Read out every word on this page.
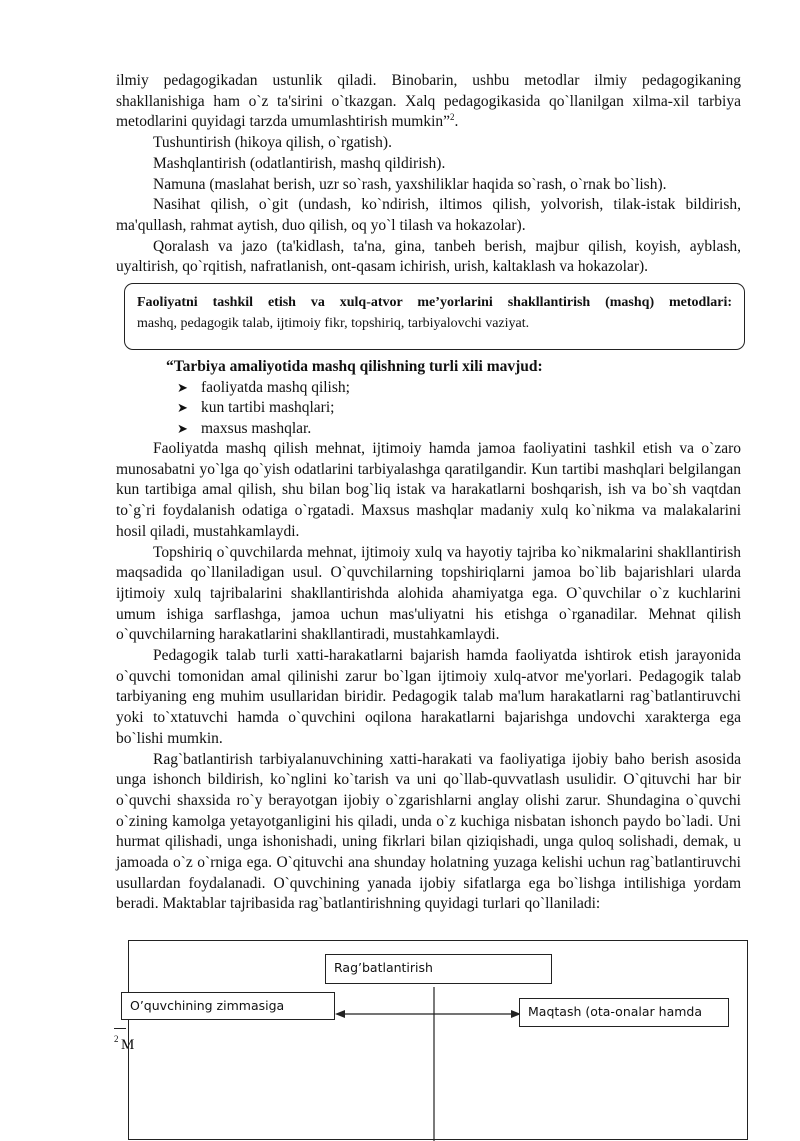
ilmiy pedagogikadan ustunlik qiladi. Binobarin, ushbu metodlar ilmiy pedagogikaning shakllanishiga ham o`z ta'sirini o`tkazgan. Xalq pedagogikasida qo`llanilgan xilma-xil tarbiya metodlarini quyidagi tarzda umumlashtirish mumkin”$^2$.

Tushuntirish (hikoya qilish, o`rgatish).

Mashqlantirish (odatlantirish, mashq qildirish).

Namuna (maslahat berish, uzr so`rash, yaxshiliklar haqida so`rash, o`rnak bo`lish).

Nasihat qilish, o`git (undash, ko`ndirish, iltimos qilish, yolvorish, tilak-istak bildirish, ma'qullash, rahmat aytish, duo qilish, oq yo`l tilash va hokazolar).

Qoralash va jazo (ta'kidlash, ta'na, gina, tanbeh berish, majbur qilish, koyish, ayblash, uyaltirish, qo`rqitish, nafratlanish, ont-qasam ichirish, urish, kaltaklash va hokazolar).

Faoliyatni tashkil etish va xulq-atvor me’yorlarini shakllantirish (mashq) metodlari:
mashq, pedagogik talab, ijtimoiy fikr, topshiriq, tarbiyalovchi vaziyat.

“Tarbiya amaliyotida mashq qilishning turli xili mavjud:

➤ faoliyatda mashq qilish;
➤ kun tartibi mashqlari;
➤ maxsus mashqlar.

Faoliyatda mashq qilish mehnat, ijtimoiy hamda jamoa faoliyatini tashkil etish va o`zaro munosabatni yo`lga qo`yish odatlarini tarbiyalashga qaratilgandir. Kun tartibi mashqlari belgilangan kun tartibiga amal qilish, shu bilan bog`liq istak va harakatlarni boshqarish, ish va bo`sh vaqtdan to`g`ri foydalanish odatiga o`rgatadi. Maxsus mashqlar madaniy xulq ko`nikma va malakalarini hosil qiladi, mustahkamlaydi.

Topshiriq o`quvchilarda mehnat, ijtimoiy xulq va hayotiy tajriba ko`nikmalarini shakllantirish maqsadida qo`llaniladigan usul. O`quvchilarning topshiriqlarni jamoa bo`lib bajarishlari ularda ijtimoiy xulq tajribalarini shakllantirishda alohida ahamiyatga ega. O`quvchilar o`z kuchlarini umum ishiga sarflashga, jamoa uchun mas'uliyatni his etishga o`rganadilar. Mehnat qilish o`quvchilarning harakatlarini shakllantiradi, mustahkamlaydi.

Pedagogik talab turli xatti-harakatlarni bajarish hamda faoliyatda ishtirok etish jarayonida o`quvchi tomonidan amal qilinishi zarur bo`lgan ijtimoiy xulq-atvor me'yorlari. Pedagogik talab tarbiyaning eng muhim usullaridan biridir. Pedagogik talab ma'lum harakatlarni rag`batlantiruvchi yoki to`xtatuvchi hamda o`quvchini oqilona harakatlarni bajarishga undovchi xarakterga ega bo`lishi mumkin.

Rag`batlantirish tarbiyalanuvchining xatti-harakati va faoliyatiga ijobiy baho berish asosida unga ishonch bildirish, ko`nglini ko`tarish va uni qo`llab-quvvatlash usulidir. O`qituvchi har bir o`quvchi shaxsida ro`y berayotgan ijobiy o`zgarishlarni anglay olishi zarur. Shundagina o`quvchi o`zining kamolga yetayotganligini his qiladi, unda o`z kuchiga nisbatan ishonch paydo bo`ladi. Uni hurmat qilishadi, unga ishonishadi, uning fikrlari bilan qiziqishadi, unga quloq solishadi, demak, u jamoada o`z o`rniga ega. O`qituvchi ana shunday holatning yuzaga kelishi uchun rag`batlantiruvchi usullardan foydalanadi. O`quvchining yanada ijobiy sifatlarga ega bo`lishga intilishiga yordam beradi. Maktablar tajribasida rag`batlantirishning quyidagi turlari qo`llaniladi:

2 M
Rag’batlantirish
O’quvchining zimmasiga	Maqtash (ota-onalar hamda
